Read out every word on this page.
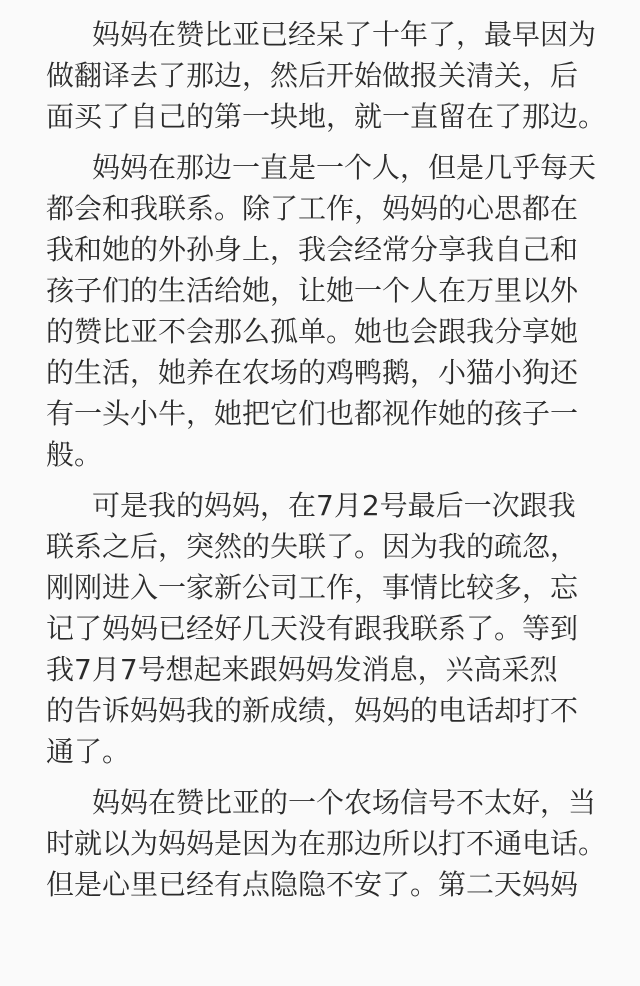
妈妈在赞比亚已经呆了十年了，最早因为
做翻译去了那边，然后开始做报关清关，后
面买了自己的第一块地，就一直留在了那边。
妈妈在那边一直是一个人，但是几乎每天
都会和我联系。除了工作，妈妈的心思都在
我和她的外孙身上，我会经常分享我自己和
孩子们的生活给她，让她一个人在万里以外
的赞比亚不会那么孤单。她也会跟我分享她
的生活，她养在农场的鸡鸭鹅，小猫小狗还
有一头小牛，她把它们也都视作她的孩子一
般。
可是我的妈妈，在7月2号最后一次跟我
联系之后，突然的失联了。因为我的疏忽，
刚刚进入一家新公司工作，事情比较多，忘
记了妈妈已经好几天没有跟我联系了。等到
我7月7号想起来跟妈妈发消息，兴高采烈
的告诉妈妈我的新成绩，妈妈的电话却打不
通了。
妈妈在赞比亚的一个农场信号不太好，当
时就以为妈妈是因为在那边所以打不通电话。
但是心里已经有点隐隐不安了。第二天妈妈
